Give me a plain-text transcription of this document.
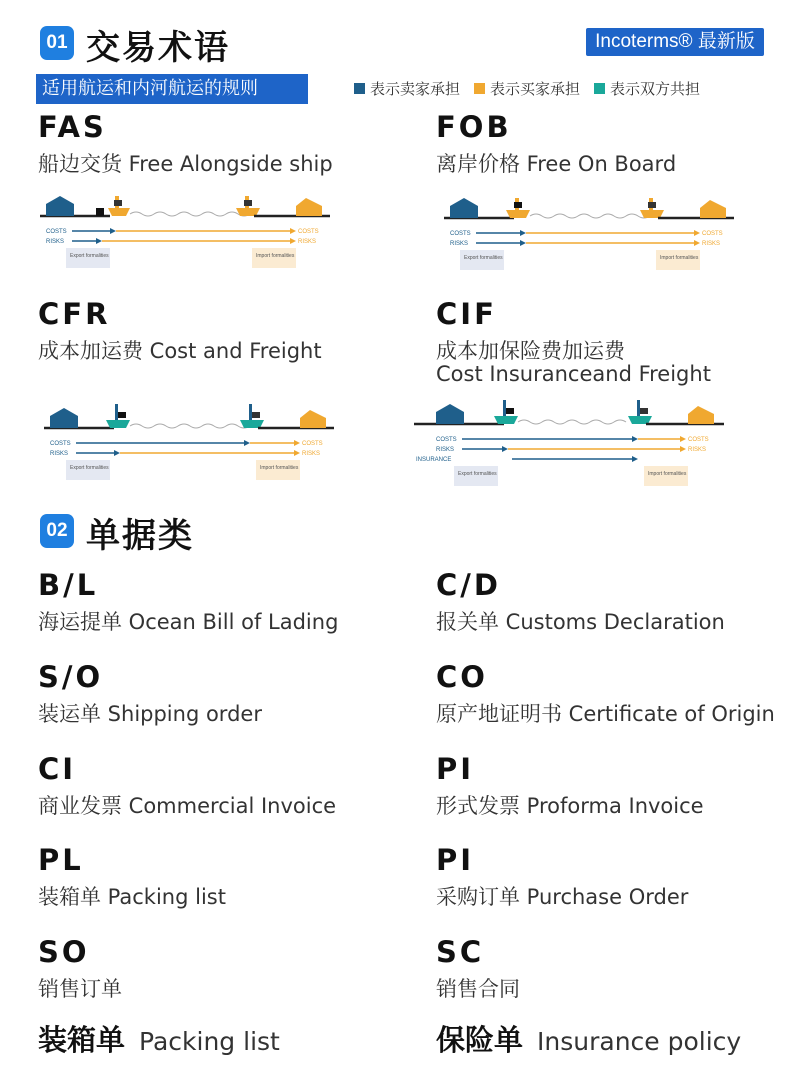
01 交易术语	Incoterms® 最新版
适用航运和内河航运的规则	表示卖家承担 表示买家承担 表示双方共担
FAS
船边交货 Free Alongside ship
COSTS	COSTS
RISKS	RISKS
Export formalities	Import formalities
FOB
离岸价格 Free On Board
COSTS	COSTS
RISKS	RISKS
Export formalities	Import formalities
CFR
成本加运费 Cost and Freight
COSTS	COSTS
RISKS	RISKS
Export formalities	Import formalities
CIF
成本加保险费加运费
Cost Insuranceand Freight
COSTS	COSTS
RISKS	RISKS
INSURANCE
Export formalities	Import formalities
02 单据类
B/L
海运提单 Ocean Bill of Lading
C/D
报关单 Customs Declaration
S/O
装运单 Shipping order
CO
原产地证明书 Certificate of Origin
CI
商业发票 Commercial Invoice
PI
形式发票 Proforma Invoice
PL
装箱单 Packing list
PI
采购订单 Purchase Order
SO
销售订单
SC
销售合同
装箱单 Packing list	保险单 Insurance policy
